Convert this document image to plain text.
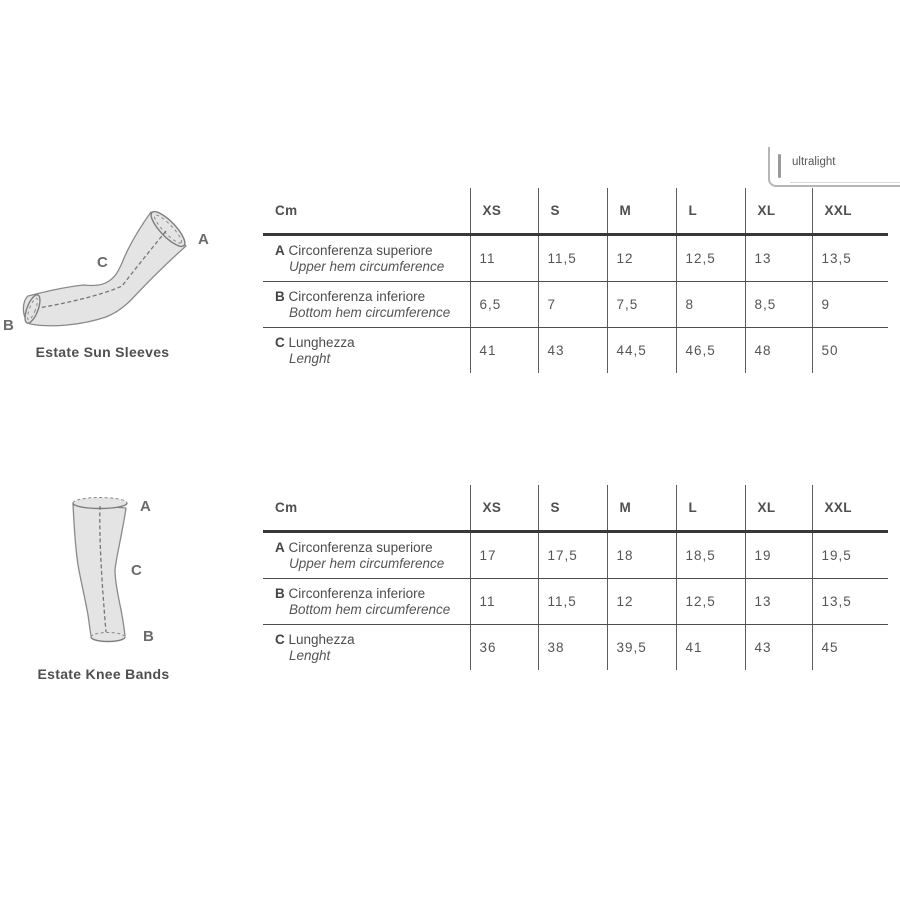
A
C
B
Estate Sun Sleeves
A
C
B
Estate Knee Bands
Cm	XS	S	M	L	XL	XXL
A Circonferenza superiore
Upper hem circumference	11	11,5	12	12,5	13	13,5
B Circonferenza inferiore
Bottom hem circumference	6,5	7	7,5	8	8,5	9
C Lunghezza
Lenght	41	43	44,5	46,5	48	50
Cm	XS	S	M	L	XL	XXL
A Circonferenza superiore
Upper hem circumference	17	17,5	18	18,5	19	19,5
B Circonferenza inferiore
Bottom hem circumference	11	11,5	12	12,5	13	13,5
C Lunghezza
Lenght	36	38	39,5	41	43	45
ultralight
